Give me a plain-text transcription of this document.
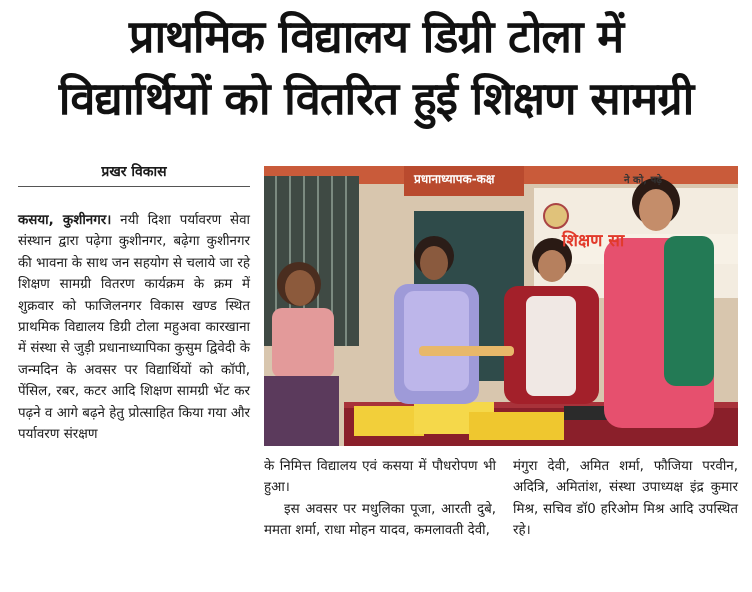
प्राथमिक विद्यालय डिग्री टोला में
विद्यार्थियों को वितरित हुई शिक्षण सामग्री
प्रखर विकास
कसया, कुशीनगर। नयी दिशा पर्यावरण सेवा संस्थान द्वारा पढ़ेगा कुशीनगर, बढ़ेगा कुशीनगर की भावना के साथ जन सहयोग से चलाये जा रहे शिक्षण सामग्री वितरण कार्यक्रम के क्रम में शुक्रवार को फाजिलनगर विकास खण्ड स्थित प्राथमिक विद्यालय डिग्री टोला महुअवा कारखाना में संस्था से जुड़ी प्रधानाध्यापिका कुसुम द्विवेदी के जन्मदिन के अवसर पर विद्यार्थियों को कॉपी, पेंसिल, रबर, कटर आदि शिक्षण सामग्री भेंट कर पढ़ने व आगे बढ़ने हेतु प्रोत्साहित किया गया और पर्यावरण संरक्षण
प्रधानाध्यापक-कक्ष
शिक्षण सा
ने को, पढ़े
के निमित्त विद्यालय एवं कसया में पौधरोपण भी हुआ।
इस अवसर पर मधुलिका पूजा, आरती दुबे, ममता शर्मा, राधा मोहन यादव, कमलावती देवी,
मंगुरा देवी, अमित शर्मा, फौजिया परवीन, अदित्रि, अमितांश, संस्था उपाध्यक्ष इंद्र कुमार मिश्र, सचिव डॉ0 हरिओम मिश्र आदि उपस्थित रहे।
